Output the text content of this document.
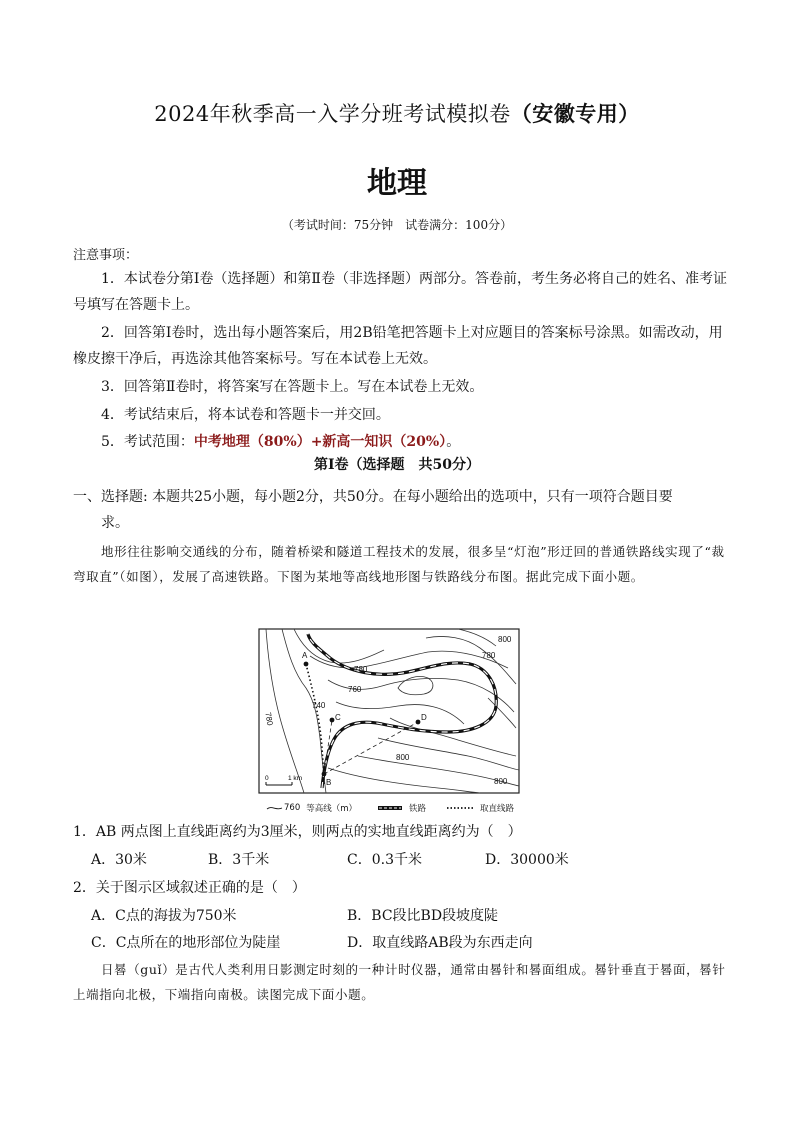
2024年秋季高一入学分班考试模拟卷（安徽专用）
地理
（考试时间：75分钟　试卷满分：100分）
注意事项：
1．本试卷分第Ⅰ卷（选择题）和第Ⅱ卷（非选择题）两部分。答卷前，考生务必将自己的姓名、准考证号填写在答题卡上。
2．回答第Ⅰ卷时，选出每小题答案后，用2B铅笔把答题卡上对应题目的答案标号涂黑。如需改动，用橡皮擦干净后，再选涂其他答案标号。写在本试卷上无效。
3．回答第Ⅱ卷时，将答案写在答题卡上。写在本试卷上无效。
4．考试结束后，将本试卷和答题卡一并交回。
5．考试范围：中考地理（80%）+新高一知识（20%）。
第Ⅰ卷（选择题　共50分）
一、选择题: 本题共25小题，每小题2分，共50分。在每小题给出的选项中，只有一项符合题目要
求。
地形往往影响交通线的分布，随着桥梁和隧道工程技术的发展，很多呈“灯泡”形迂回的普通铁路线实现了“裁弯取直”（如图），发展了高速铁路。下图为某地等高线地形图与铁路线分布图。据此完成下面小题。
A
B
C	D
800
780
780
760
740
780
800
800
0	1 km
760 等高线（m）	铁路	取直线路
1．AB 两点图上直线距离约为3厘米，则两点的实地直线距离约为（　）
A．30米	B．3千米	C．0.3千米	D．30000米
2．关于图示区域叙述正确的是（　）
A．C点的海拔为750米	B．BC段比BD段坡度陡
C．C点所在的地形部位为陡崖	D．取直线路AB段为东西走向
日晷（guǐ）是古代人类利用日影测定时刻的一种计时仪器，通常由晷针和晷面组成。晷针垂直于晷面，晷针上端指向北极，下端指向南极。读图完成下面小题。
